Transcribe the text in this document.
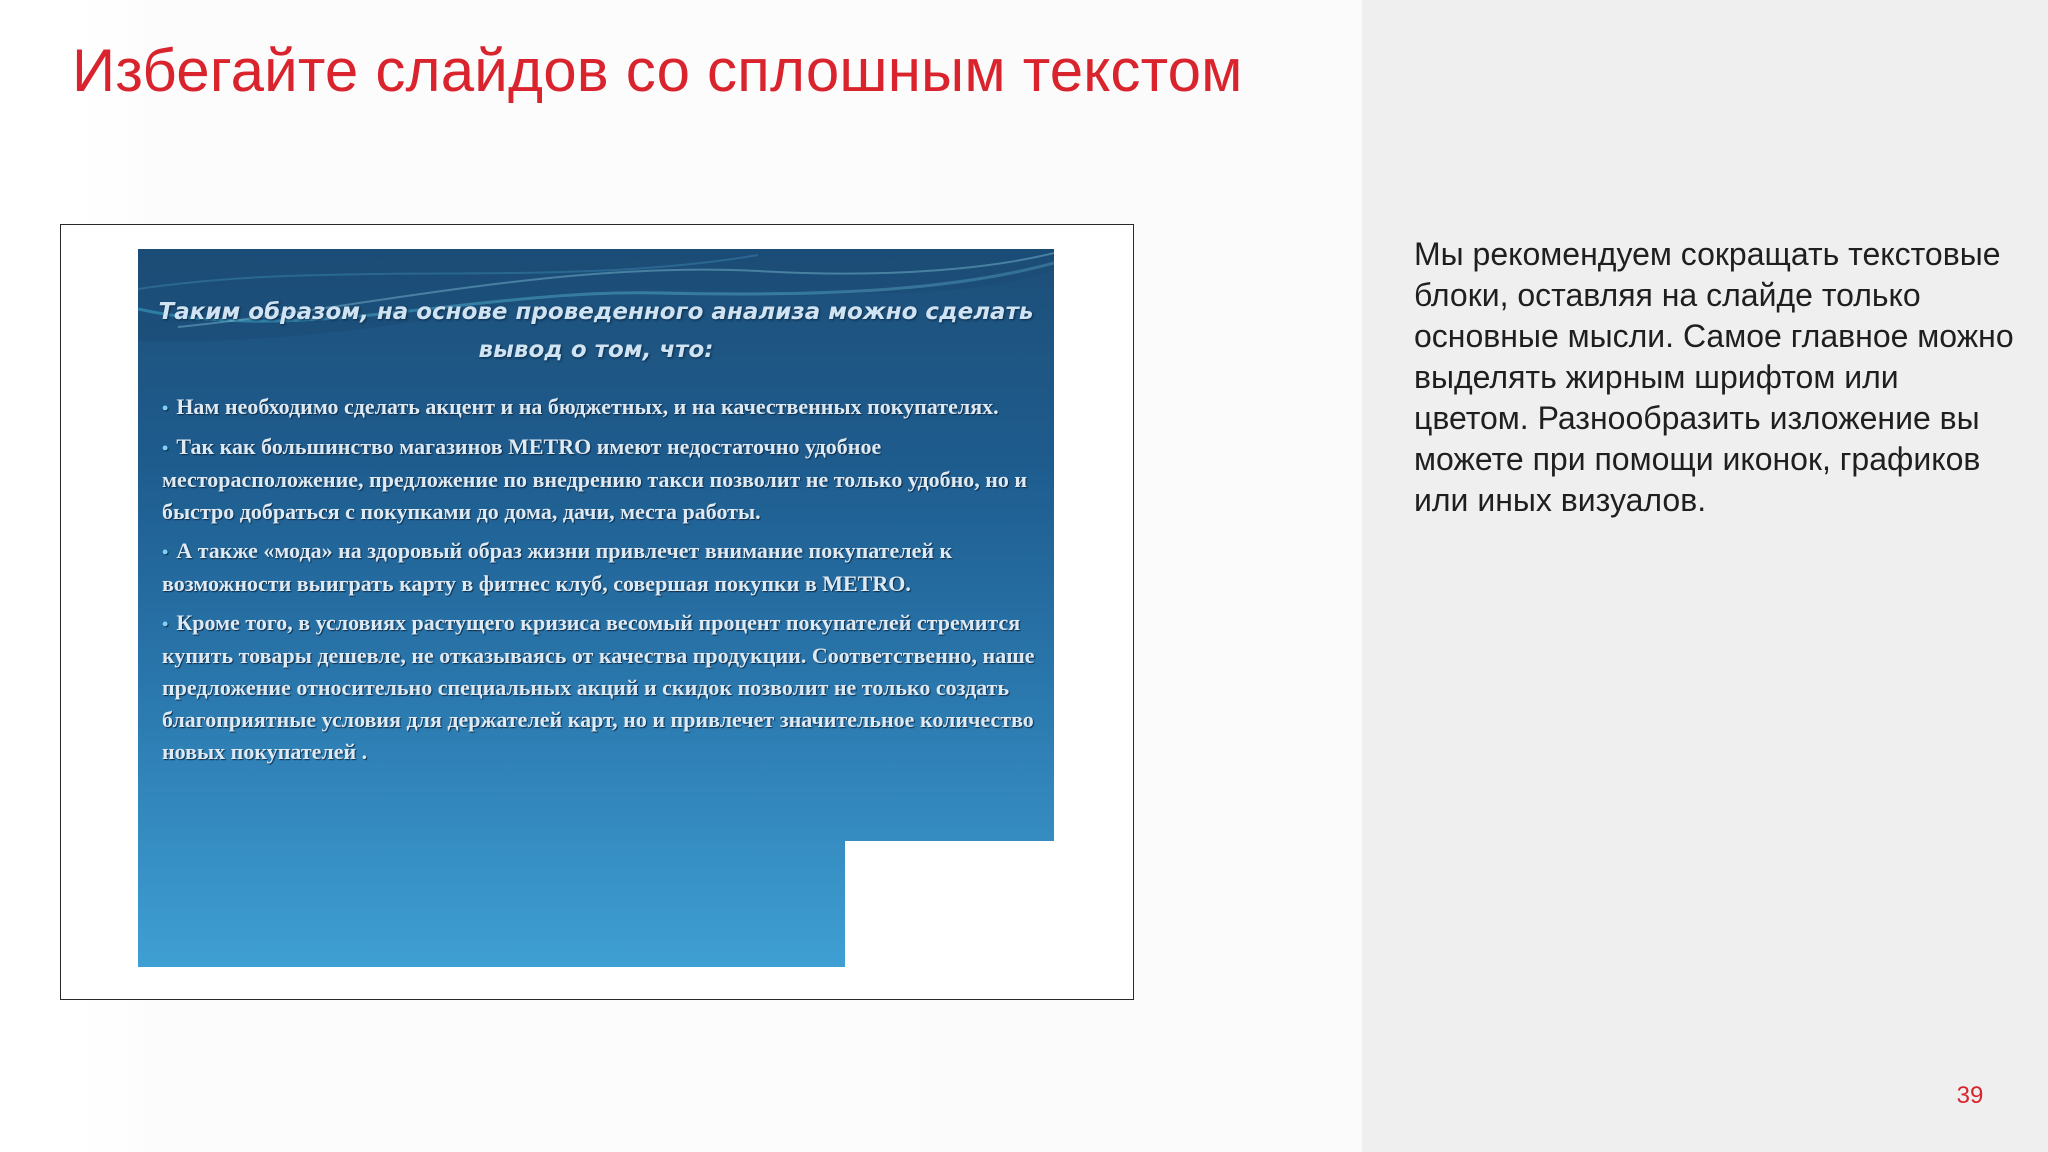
Избегайте слайдов со сплошным текстом

Таким образом, на основе проведенного анализа можно сделать вывод о том, что:

• Нам необходимо сделать акцент и на бюджетных, и на качественных покупателях.
• Так как большинство магазинов METRO имеют недостаточно удобное месторасположение, предложение по внедрению такси позволит не только удобно, но и быстро добраться с покупками до дома, дачи, места работы.
• А также «мода» на здоровый образ жизни привлечет внимание покупателей к возможности выиграть карту в фитнес клуб, совершая покупки в METRO.
• Кроме того, в условиях растущего кризиса весомый процент покупателей стремится купить товары дешевле, не отказываясь от качества продукции. Соответственно, наше предложение относительно специальных акций и скидок позволит не только создать благоприятные условия для держателей карт, но и привлечет значительное количество новых покупателей .

Мы рекомендуем сокращать текстовые блоки, оставляя на слайде только основные мысли. Самое главное можно выделять жирным шрифтом или цветом. Разнообразить изложение вы можете при помощи иконок, графиков или иных визуалов.

39
